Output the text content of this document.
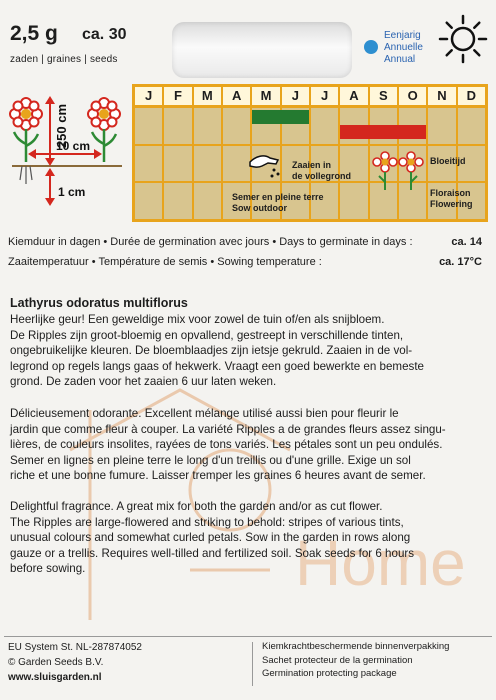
2,5 g ca. 30
zaden | graines | seeds
Eenjarig
Annuelle
Annual
250 cm
10 cm
1 cm
J	F	M	A	M	J	J	A	S	O	N	D
Zaaien in
de vollegrond
Semer en pleine terre
Sow outdoor
Bloeitijd
Floraison
Flowering
Kiemduur in dagen • Durée de germination avec jours • Days to germinate in days :	ca. 14
Zaaitemperatuur • Température de semis • Sowing temperature :	ca. 17°C
Home
Lathyrus odoratus multiflorus
Heerlijke geur! Een geweldige mix voor zowel de tuin of/en als snijbloem.
De Ripples zijn groot-bloemig en opvallend, gestreept in verschillende tinten,
ongebruikelijke kleuren. De bloemblaadjes zijn ietsje gekruld. Zaaien in de vol-
legrond op regels langs gaas of hekwerk. Vraagt een goed bewerkte en bemeste
grond. De zaden voor het zaaien 6 uur laten weken.
Délicieusement odorante. Excellent mélange utilisé aussi bien pour fleurir le
jardin que comme fleur à couper. La variété Ripples a de grandes fleurs assez singu-
lières, de couleurs insolites, rayées de tons variés. Les pétales sont un peu ondulés.
Semer en lignes en pleine terre le long d'un treillis ou d'une grille. Exige un sol
riche et une bonne fumure. Laisser tremper les graines 6 heures avant de semer.
Delightful fragrance. A great mix for both the garden and/or as cut flower.
The Ripples are large-flowered and striking to behold: stripes of various tints,
unusual colours and somewhat curled petals. Sow in the garden in rows along
gauze or a trellis. Requires well-tilled and fertilized soil. Soak seeds for 6 hours
before sowing.
EU System St. NL-287874052
© Garden Seeds B.V.
www.sluisgarden.nl
Kiemkrachtbeschermende binnenverpakking
Sachet protecteur de la germination
Germination protecting package
